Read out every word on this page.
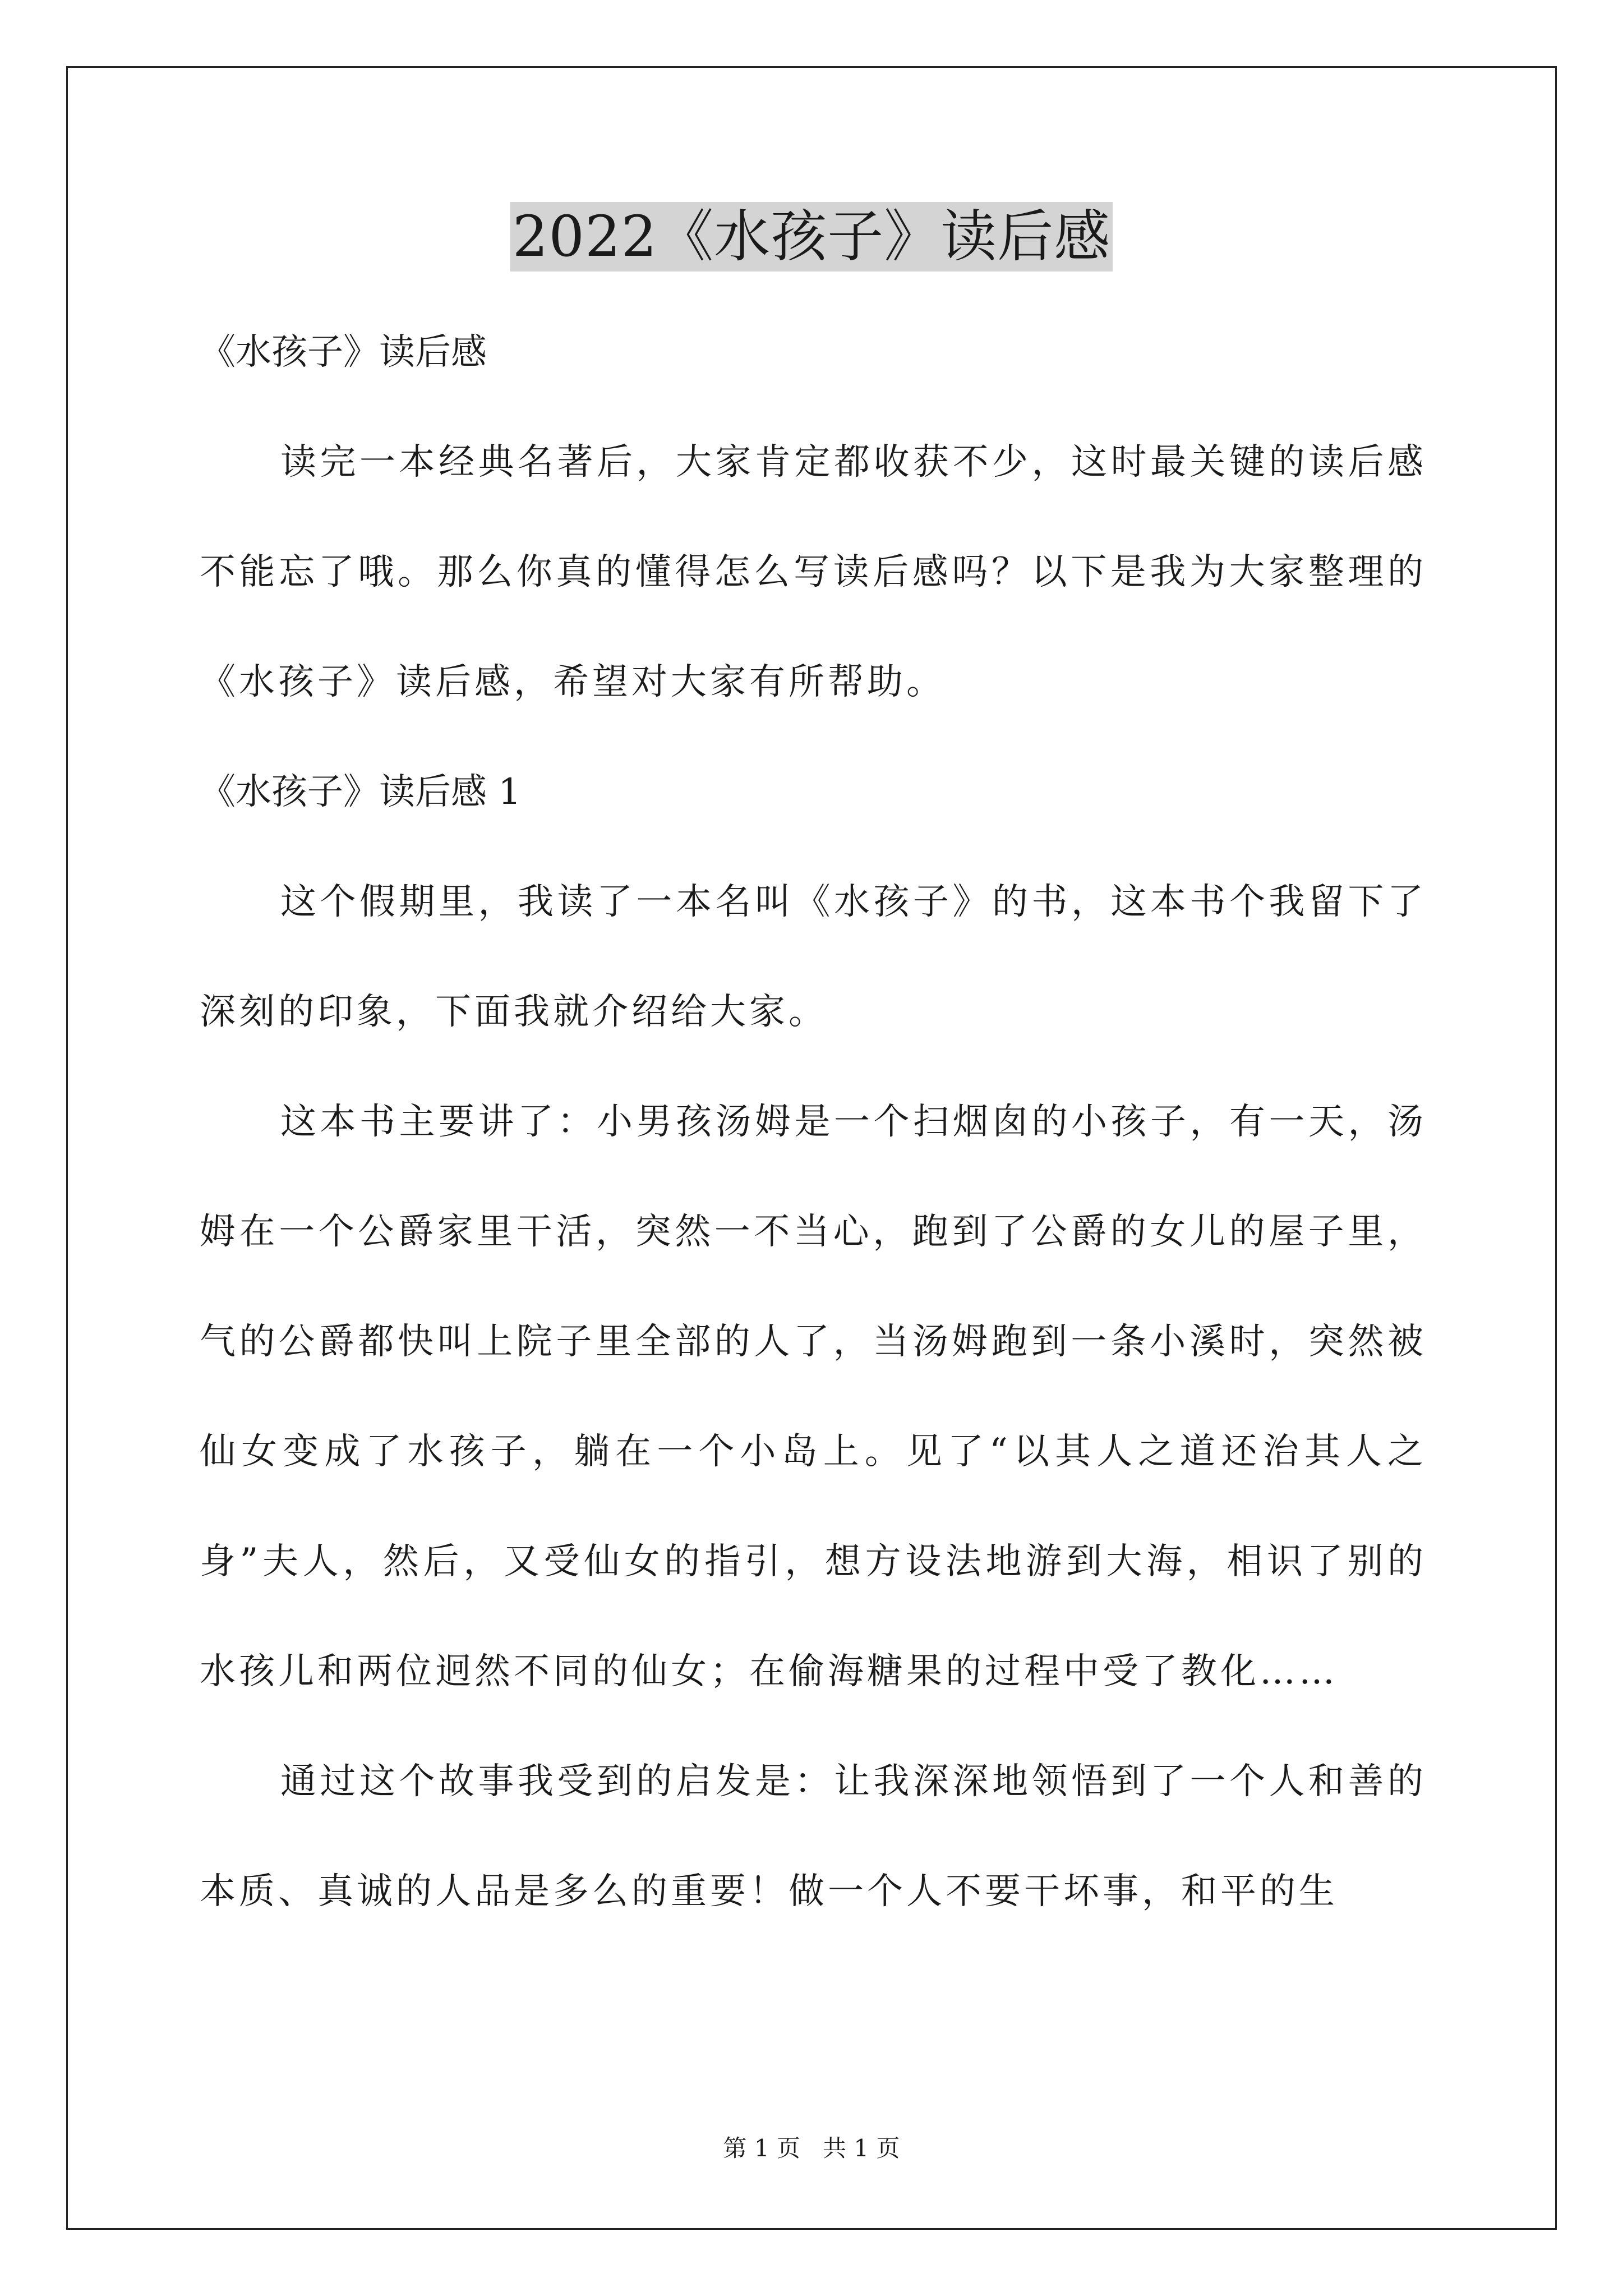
2022《水孩子》读后感

《水孩子》读后感

读完一本经典名著后，大家肯定都收获不少，这时最关键的读后感不能忘了哦。那么你真的懂得怎么写读后感吗？以下是我为大家整理的《水孩子》读后感，希望对大家有所帮助。

《水孩子》读后感 1

这个假期里，我读了一本名叫《水孩子》的书，这本书个我留下了深刻的印象，下面我就介绍给大家。

这本书主要讲了：小男孩汤姆是一个扫烟囱的小孩子，有一天，汤姆在一个公爵家里干活，突然一不当心，跑到了公爵的女儿的屋子里，气的公爵都快叫上院子里全部的人了，当汤姆跑到一条小溪时，突然被仙女变成了水孩子，躺在一个小岛上。见了“以其人之道还治其人之身”夫人，然后，又受仙女的指引，想方设法地游到大海，相识了别的水孩儿和两位迥然不同的仙女；在偷海糖果的过程中受了教化……

通过这个故事我受到的启发是：让我深深地领悟到了一个人和善的本质、真诚的人品是多么的重要！做一个人不要干坏事，和平的生

第 1 页   共 1 页
